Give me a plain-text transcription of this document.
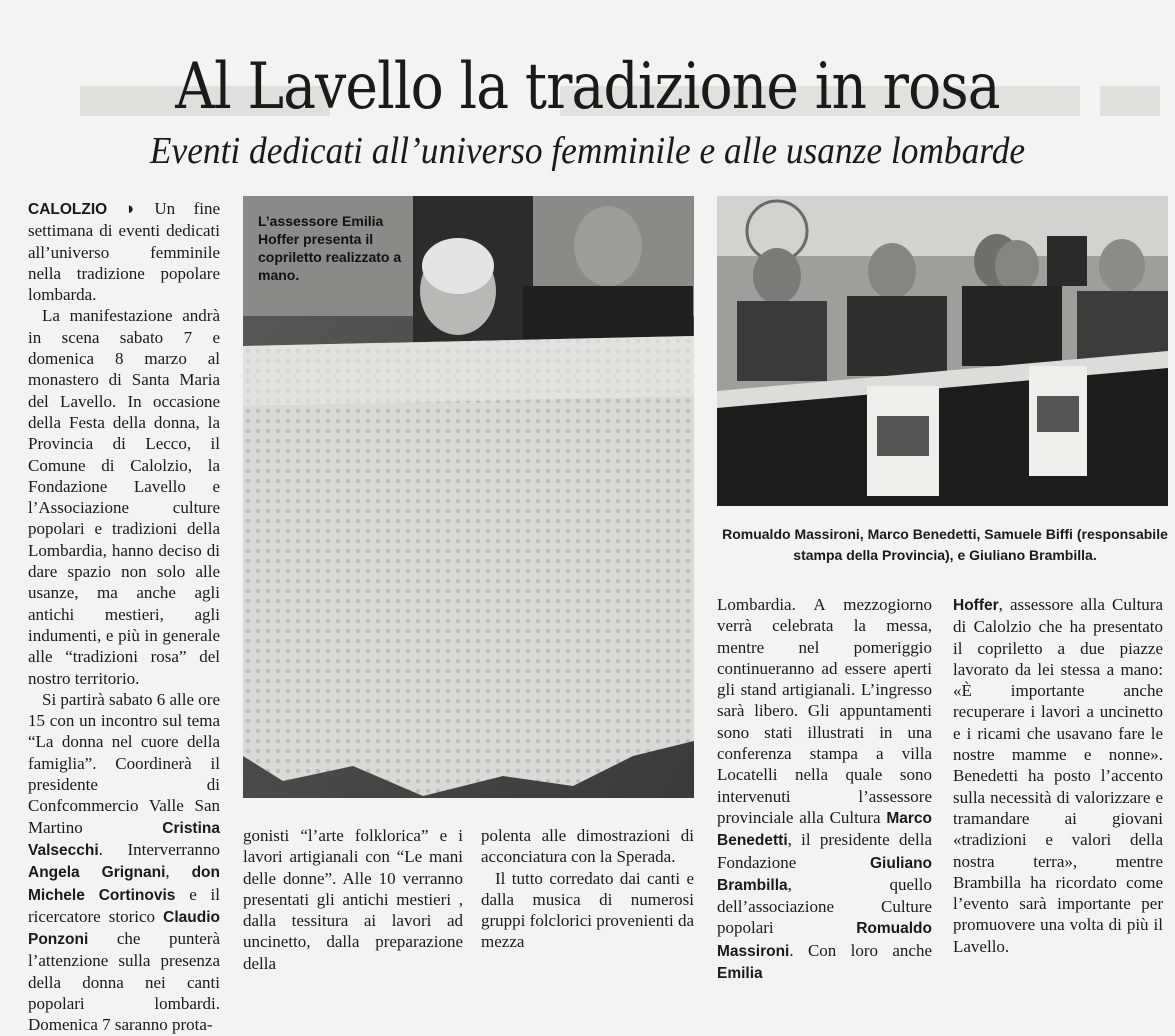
Al Lavello la tradizione in rosa
Eventi dedicati all’universo femminile e alle usanze lombarde

CALOLZIO ◗ Un fine settimana di eventi dedicati all’universo femminile nella tradizione popolare lombarda.

La manifestazione andrà in scena sabato 7 e domenica 8 marzo al monastero di Santa Maria del Lavello. In occasione della Festa della donna, la Provincia di Lecco, il Comune di Calolzio, la Fondazione Lavello e l’Associazione culture popolari e tradizioni della Lombardia, hanno deciso di dare spazio non solo alle usanze, ma anche agli antichi mestieri, agli indumenti, e più in generale alle “tradizioni rosa” del nostro territorio.

Si partirà sabato 6 alle ore 15 con un incontro sul tema “La donna nel cuore della famiglia”. Coordinerà il presidente di Confcommercio Valle San Martino	Cristina Valsecchi. Interverranno Angela Grignani, don Michele Cortinovis e il ricercatore storico Claudio Ponzoni che punterà l’attenzione sulla presenza della donna nei canti popolari lombardi. Domenica 7 saranno prota-

L’assessore Emilia Hoffer presenta il copriletto realizzato a mano.
Romualdo Massironi, Marco Benedetti, Samuele Biffi (responsabile stampa della Provincia), e Giuliano Brambilla.

gonisti “l’arte folklorica” e i lavori artigianali con “Le mani delle donne”. Alle 10 verranno presentati gli antichi mestieri , dalla tessitura ai lavori ad uncinetto, dalla preparazione della

polenta alle dimostrazioni di acconciatura con la Sperada.

Il tutto corredato dai canti e dalla musica di numerosi gruppi folclorici provenienti da mezza

Lombardia. A mezzogiorno verrà celebrata la messa, mentre nel pomeriggio continueranno ad essere aperti gli stand artigianali. L’ingresso sarà libero. Gli appuntamenti sono stati illustrati in una conferenza stampa a villa Locatelli nella quale sono intervenuti l’assessore provinciale alla Cultura Marco Benedetti, il presidente della Fondazione	Giuliano Brambilla, quello dell’associazione Culture popolari	Romualdo Massironi. Con loro anche Emilia

Hoffer, assessore alla Cultura di Calolzio che ha presentato il copriletto a due piazze lavorato da lei stessa a mano: «È importante anche recuperare i lavori a uncinetto e i ricami che usavano fare le nostre mamme e nonne». Benedetti ha posto l’accento sulla necessità di valorizzare e tramandare ai giovani «tradizioni e valori della nostra terra», mentre Brambilla ha ricordato come l’evento sarà importante per promuovere una volta di più il Lavello.
